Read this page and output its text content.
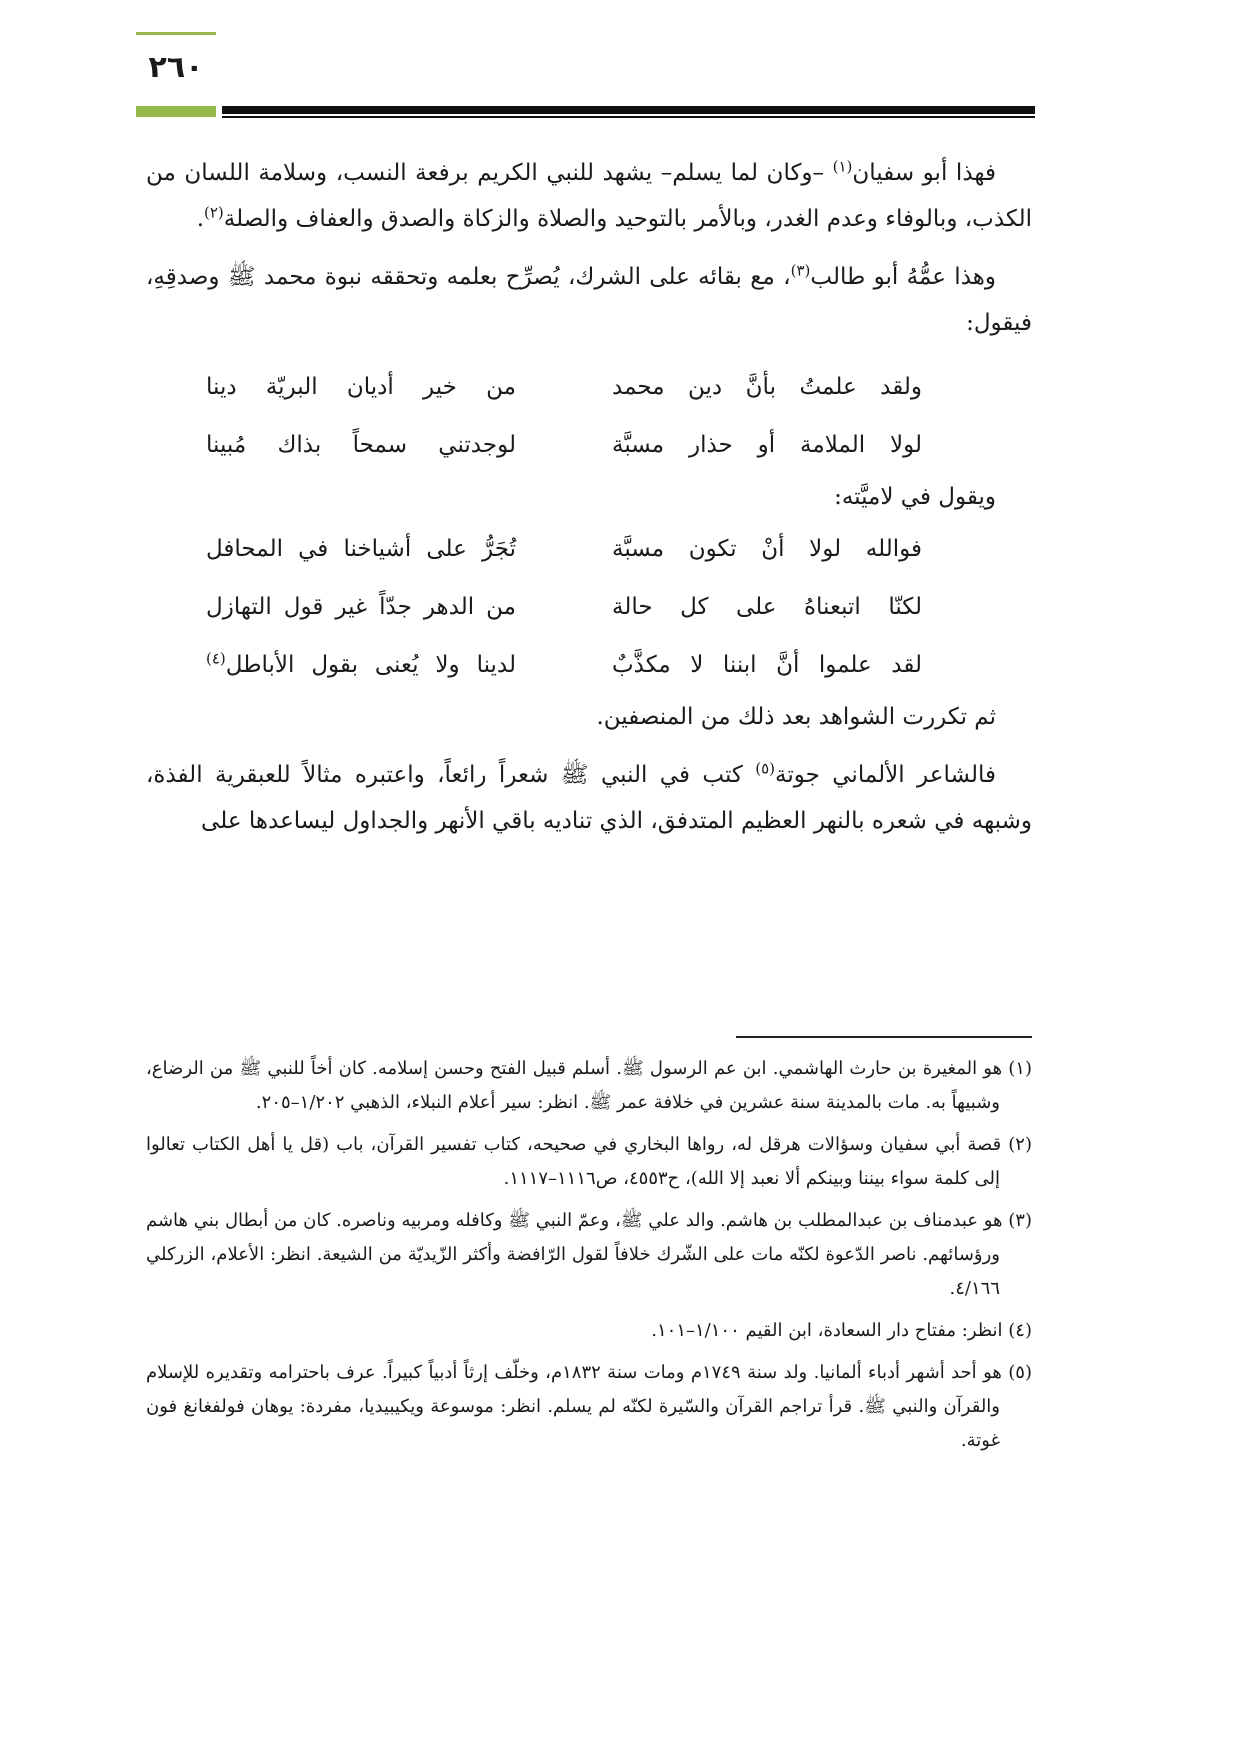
٢٦٠

فهذا أبو سفيان$^{(١)}$ –وكان لما يسلم– يشهد للنبي الكريم برفعة النسب، وسلامة اللسان من الكذب، وبالوفاء وعدم الغدر، وبالأمر بالتوحيد والصلاة والزكاة والصدق والعفاف والصلة$^{(٢)}$.

وهذا عمُّهُ أبو طالب$^{(٣)}$، مع بقائه على الشرك، يُصرِّح بعلمه وتحققه نبوة محمد ﷺ وصدقِهِ، فيقول:

ولقد علمتُ بأنَّ دين محمد
من خير أديان البريّة دينا
لولا الملامة أو حذار مسبَّة
لوجدتني سمحاً بذاك مُبينا

ويقول في لاميَّته:

فوالله لولا أنْ تكون مسبَّة
تُجَرُّ على أشياخنا في المحافل
لكنّا اتبعناهُ على كل حالة
من الدهر جدّاً غير قول التهازل
لقد علموا أنَّ ابننا لا مكذَّبٌ
لدينا ولا يُعنى بقول الأباطل$^{(٤)}$

ثم تكررت الشواهد بعد ذلك من المنصفين.

فالشاعر الألماني جوتة$^{(٥)}$ كتب في النبي ﷺ شعراً رائعاً، واعتبره مثالاً للعبقرية الفذة، وشبهه في شعره بالنهر العظيم المتدفق، الذي تناديه باقي الأنهر والجداول ليساعدها على

(١) هو المغيرة بن حارث الهاشمي. ابن عم الرسول ﷺ. أسلم قبيل الفتح وحسن إسلامه. كان أخاً للنبي ﷺ من الرضاع، وشبيهاً به. مات بالمدينة سنة عشرين في خلافة عمر ﷺ. انظر: سير أعلام النبلاء، الذهبي ١/٢٠٢–٢٠٥.

(٢) قصة أبي سفيان وسؤالات هرقل له، رواها البخاري في صحيحه، كتاب تفسير القرآن، باب (قل يا أهل الكتاب تعالوا إلى كلمة سواء بيننا وبينكم ألا نعبد إلا الله)، ح٤٥٥٣، ص١١١٦–١١١٧.

(٣) هو عبدمناف بن عبدالمطلب بن هاشم. والد علي ﷺ، وعمّ النبي ﷺ وكافله ومربيه وناصره. كان من أبطال بني هاشم ورؤسائهم. ناصر الدّعوة لكنّه مات على الشّرك خلافاً لقول الرّافضة وأكثر الزّيديّة من الشيعة. انظر: الأعلام، الزركلي ٤/١٦٦.

(٤) انظر: مفتاح دار السعادة، ابن القيم ١/١٠٠–١٠١.

(٥) هو أحد أشهر أدباء ألمانيا. ولد سنة ١٧٤٩م ومات سنة ١٨٣٢م، وخلّف إرثاً أدبياً كبيراً. عرف باحترامه وتقديره للإسلام والقرآن والنبي ﷺ. قرأ تراجم القرآن والسّيرة لكنّه لم يسلم. انظر: موسوعة ويكيبيديا، مفردة: يوهان فولفغانغ فون غوتة.
